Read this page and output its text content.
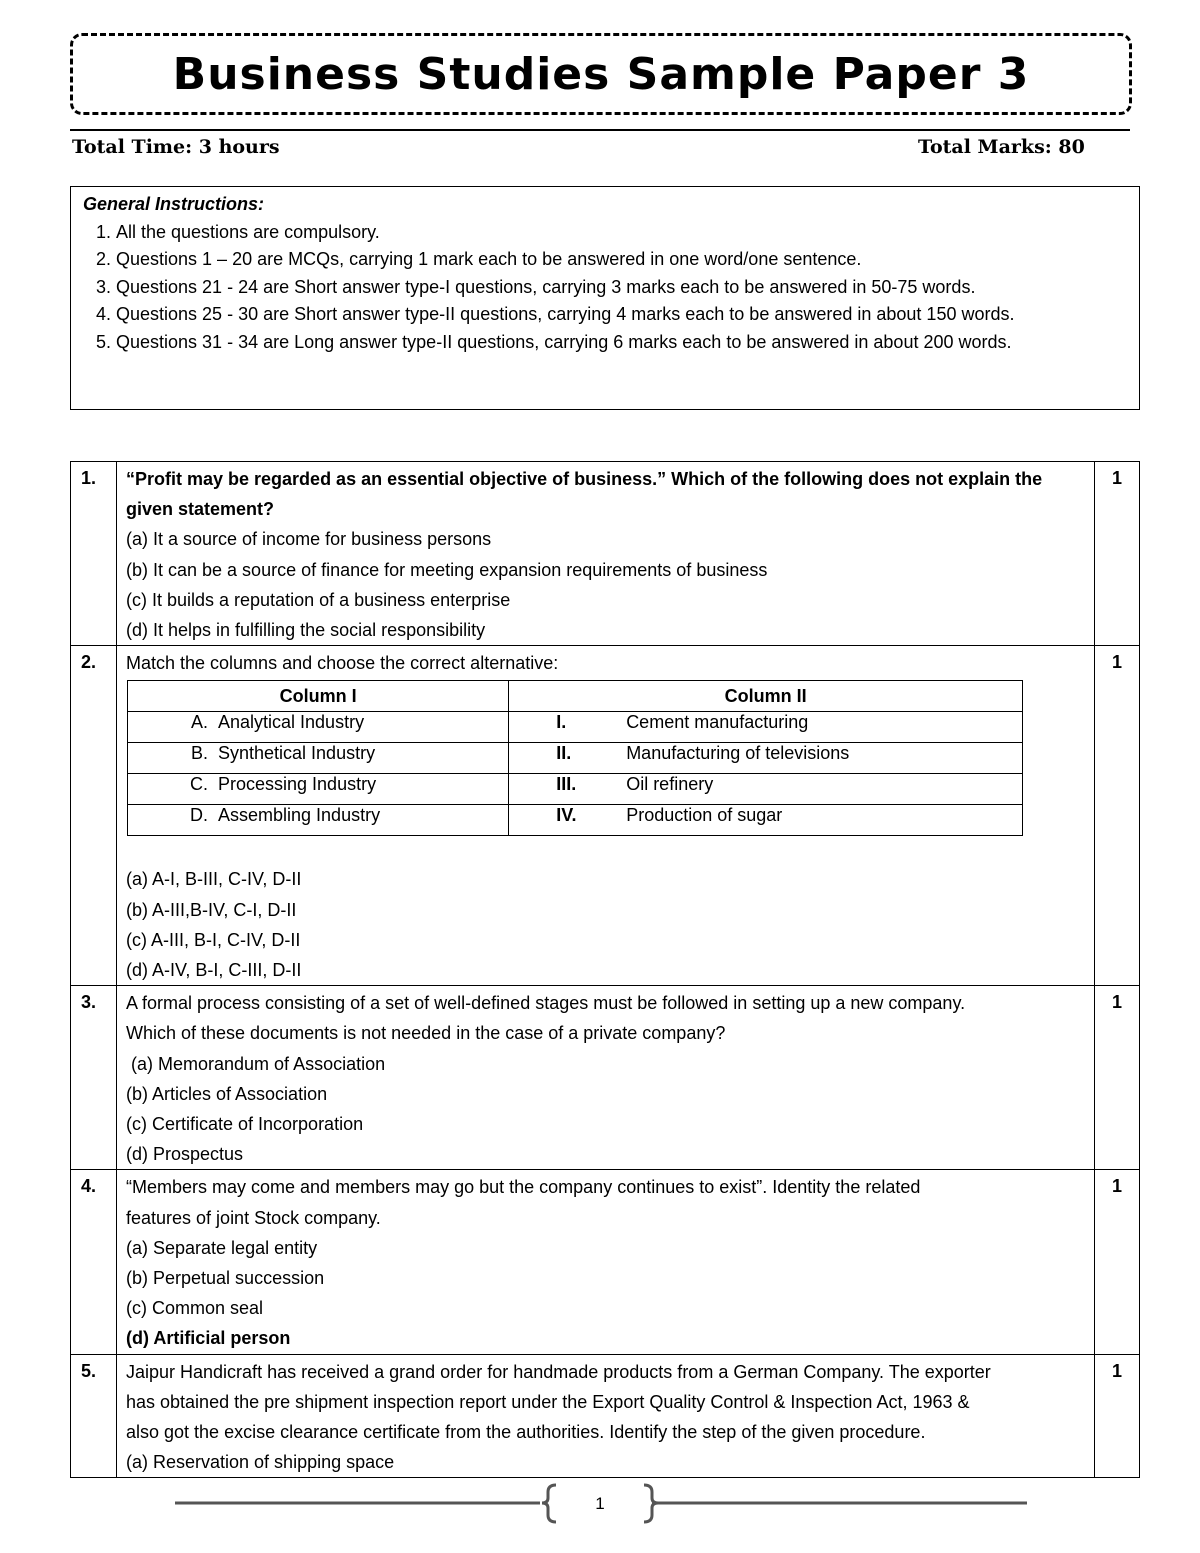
Business Studies Sample Paper 3
Total Time: 3 hours	Total Marks: 80
General Instructions:
1. All the questions are compulsory.
2. Questions 1 – 20 are MCQs, carrying 1 mark each to be answered in one word/one sentence.
3. Questions 21 - 24 are Short answer type-I questions, carrying 3 marks each to be answered in 50-75 words.
4. Questions 25 - 30 are Short answer type-II questions, carrying 4 marks each to be answered in about 150 words.
5. Questions 31 - 34 are Long answer type-II questions, carrying 6 marks each to be answered in about 200 words.
1.	“Profit may be regarded as an essential objective of business.” Which of the following does not explain the
given statement?
(a) It a source of income for business persons
(b) It can be a source of finance for meeting expansion requirements of business
(c) It builds a reputation of a business enterprise
(d) It helps in fulfilling the social responsibility
	1
2.	Match the columns and choose the correct alternative:
Column I	Column II
A. Analytical Industry	I.	Cement manufacturing
B. Synthetical Industry	II.	Manufacturing of televisions
C. Processing Industry	III.	Oil refinery
D. Assembling Industry	IV.	Production of sugar
(a) A-I, B-III, C-IV, D-II
(b) A-III,B-IV, C-I, D-II
(c) A-III, B-I, C-IV, D-II
(d) A-IV, B-I, C-III, D-II
	1
3.	A formal process consisting of a set of well-defined stages must be followed in setting up a new company.
Which of these documents is not needed in the case of a private company?
(a) Memorandum of Association
(b) Articles of Association
(c) Certificate of Incorporation
(d) Prospectus
	1
4.	“Members may come and members may go but the company continues to exist”. Identity the related
features of joint Stock company.
(a) Separate legal entity
(b) Perpetual succession
(c) Common seal
(d) Artificial person
	1
5.	Jaipur Handicraft has received a grand order for handmade products from a German Company. The exporter
has obtained the pre shipment inspection report under the Export Quality Control & Inspection Act, 1963 &
also got the excise clearance certificate from the authorities. Identify the step of the given procedure.
(a) Reservation of shipping space
	1
1
